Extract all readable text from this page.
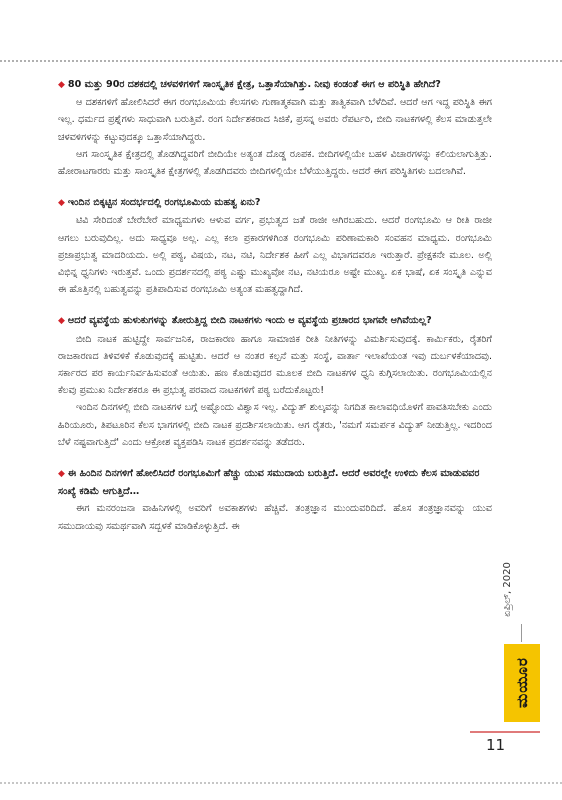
◆ 80 ಮತ್ತು 90ರ ದಶಕದಲ್ಲಿ ಚಳವಳಿಗಳಿಗೆ ಸಾಂಸ್ಕೃತಿಕ ಕ್ಷೇತ್ರ, ಒತ್ತಾಸೆಯಾಗಿತ್ತು. ನೀವು ಕಂಡಂತೆ ಈಗ ಆ ಪರಿಸ್ಥಿತಿ ಹೇಗಿದೆ?
ಆ ದಶಕಗಳಿಗೆ ಹೋಲಿಸಿದರೆ ಈಗ ರಂಗಭೂಮಿಯ ಕೆಲಸಗಳು ಗುಣಾತ್ಮಕವಾಗಿ ಮತ್ತು ತಾತ್ವಿಕವಾಗಿ ಬೆಳೆದಿವೆ. ಆದರೆ ಆಗ ಇದ್ದ ಪರಿಸ್ಥಿತಿ ಈಗ ಇಲ್ಲ. ಧರ್ಮದ ಪ್ರಶ್ನೆಗಳು ಸಾಧುವಾಗಿ ಬರುತ್ತಿವೆ. ರಂಗ ನಿರ್ದೇಶಕರಾದ ಸಿಜಿಕೆ, ಪ್ರಸನ್ನ ಅವರು ರೆಪರ್ಟರಿ, ಬೀದಿ ನಾಟಕಗಳಲ್ಲಿ ಕೆಲಸ ಮಾಡುತ್ತಲೇ ಚಳವಳಿಗಳನ್ನು ಕಟ್ಟುವುದಕ್ಕೂ ಒತ್ತಾಸೆಯಾಗಿದ್ದರು.
ಆಗ ಸಾಂಸ್ಕೃತಿಕ ಕ್ಷೇತ್ರದಲ್ಲಿ ತೊಡಗಿದ್ದವರಿಗೆ ಬೀದಿಯೇ ಅತ್ಯಂತ ದೊಡ್ಡ ರೂಪಕ. ಬೀದಿಗಳಲ್ಲಿಯೇ ಬಹಳ ವಿಚಾರಗಳನ್ನು ಕಲಿಯಲಾಗುತ್ತಿತ್ತು. ಹೋರಾಟಗಾರರು ಮತ್ತು ಸಾಂಸ್ಕೃತಿಕ ಕ್ಷೇತ್ರಗಳಲ್ಲಿ ತೊಡಗಿದವರು ಬೀದಿಗಳಲ್ಲಿಯೇ ಬೆಳೆಯುತ್ತಿದ್ದರು. ಆದರೆ ಈಗ ಪರಿಸ್ಥಿತಿಗಳು ಬದಲಾಗಿವೆ.
◆ ಇಂದಿನ ಬಿಕ್ಕಟ್ಟಿನ ಸಂದರ್ಭದಲ್ಲಿ ರಂಗಭೂಮಿಯ ಮಹತ್ವ ಏನು?
ಟಿವಿ ಸೇರಿದಂತೆ ಬೇರೆಬೇರೆ ಮಾಧ್ಯಮಗಳು ಆಳುವ ವರ್ಗ, ಪ್ರಭುತ್ವದ ಜತೆ ರಾಜೀ ಆಗಿರಬಹುದು. ಆದರೆ ರಂಗಭೂಮಿ ಆ ರೀತಿ ರಾಜೀ ಆಗಲು ಬರುವುದಿಲ್ಲ. ಅದು ಸಾಧ್ಯವೂ ಅಲ್ಲ. ಎಲ್ಲ ಕಲಾ ಪ್ರಕಾರಗಳಿಗಿಂತ ರಂಗಭೂಮಿ ಪರಿಣಾಮಕಾರಿ ಸಂವಹನ ಮಾಧ್ಯಮ. ರಂಗಭೂಮಿ ಪ್ರಜಾಪ್ರಭುತ್ವ ಮಾದರಿಯದು. ಅಲ್ಲಿ ಪಠ್ಯ, ವಿಷಯ, ನಟ, ನಟಿ, ನಿರ್ದೇಶಕ ಹೀಗೆ ಎಲ್ಲ ವಿಭಾಗದವರೂ ಇರುತ್ತಾರೆ. ಪ್ರೇಕ್ಷಕನೇ ಮೂಲ. ಅಲ್ಲಿ ವಿಭಿನ್ನ ಧ್ವನಿಗಳು ಇರುತ್ತವೆ. ಒಂದು ಪ್ರದರ್ಶನದಲ್ಲಿ ಪಠ್ಯ ಎಷ್ಟು ಮುಖ್ಯವೋ ನಟ, ನಟಿಯರೂ ಅಷ್ಟೇ ಮುಖ್ಯ. ಏಕ ಭಾಷೆ, ಏಕ ಸಂಸ್ಕೃತಿ ಎನ್ನುವ ಈ ಹೊತ್ತಿನಲ್ಲಿ ಬಹುತ್ವವನ್ನು ಪ್ರತಿಪಾದಿಸುವ ರಂಗಭೂಮಿ ಅತ್ಯಂತ ಮಹತ್ವದ್ದಾಗಿದೆ.
◆ ಆದರೆ ವ್ಯವಸ್ಥೆಯ ಹುಳುಕುಗಳನ್ನು ತೋರುತ್ತಿದ್ದ ಬೀದಿ ನಾಟಕಗಳು ಇಂದು ಆ ವ್ಯವಸ್ಥೆಯ ಪ್ರಚಾರದ ಭಾಗವೇ ಆಗಿವೆಯಲ್ಲ?
ಬೀದಿ ನಾಟಕ ಹುಟ್ಟಿದ್ದೇ ಸಾರ್ವಜನಿಕ, ರಾಜಕಾರಣ ಹಾಗೂ ಸಾಮಾಜಿಕ ರೀತಿ ನೀತಿಗಳನ್ನು ವಿಮರ್ಶಿಸುವುದಕ್ಕೆ. ಕಾರ್ಮಿಕರು, ರೈತರಿಗೆ ರಾಜಕಾರಣದ ತಿಳಿವಳಿಕೆ ಕೊಡುವುದಕ್ಕೆ ಹುಟ್ಟಿತು. ಆದರೆ ಆ ನಂತರ ಕಲ್ಪನೆ ಮತ್ತು ಸಂಸ್ಥೆ, ವಾರ್ತಾ ಇಲಾಖೆಯಂತ ಇವು ದುರ್ಬಳಕೆಯಾದವು. ಸರ್ಕಾರದ ಪರ ಕಾರ್ಯನಿರ್ವಹಿಸುವಂತೆ ಆಯಿತು. ಹಣ ಕೊಡುವುದರ ಮೂಲಕ ಬೀದಿ ನಾಟಕಗಳ ಧ್ವನಿ ಕುಗ್ಗಿಸಲಾಯಿತು. ರಂಗಭೂಮಿಯಲ್ಲಿನ ಕೆಲವು ಪ್ರಮುಖ ನಿರ್ದೇಶಕರೂ ಈ ಪ್ರಭುತ್ವ ಪರವಾದ ನಾಟಕಗಳಿಗೆ ಪಠ್ಯ ಬರೆದುಕೊಟ್ಟರು!
ಇಂದಿನ ದಿನಗಳಲ್ಲಿ ಬೀದಿ ನಾಟಕಗಳ ಬಗ್ಗೆ ಅಷ್ಟೊಂದು ವಿಶ್ವಾಸ ಇಲ್ಲ. ವಿದ್ಯುತ್ ಶುಲ್ಕವನ್ನು ನಿಗದಿತ ಕಾಲಾವಧಿಯೊಳಗೆ ಪಾವತಿಸಬೇಕು ಎಂದು ಹಿರಿಯೂರು, ತಿಪಟೂರಿನ ಕೆಲಸ ಭಾಗಗಳಲ್ಲಿ ಬೀದಿ ನಾಟಕ ಪ್ರದರ್ಶಿಸಲಾಯಿತು. ಆಗ ರೈತರು, 'ನಮಗೆ ಸಮರ್ಪಕ ವಿದ್ಯುತ್ ನೀಡುತ್ತಿಲ್ಲ. ಇದರಿಂದ ಬೆಳೆ ನಷ್ಟವಾಗುತ್ತಿದೆ' ಎಂದು ಆಕ್ರೋಶ ವ್ಯಕ್ತಪಡಿಸಿ ನಾಟಕ ಪ್ರದರ್ಶನವನ್ನು ತಡೆದರು.
◆ ಈ ಹಿಂದಿನ ದಿನಗಳಿಗೆ ಹೋಲಿಸಿದರೆ ರಂಗಭೂಮಿಗೆ ಹೆಚ್ಚು ಯುವ ಸಮುದಾಯ ಬರುತ್ತಿದೆ. ಆದರೆ ಅವರಲ್ಲೇ ಉಳಿದು ಕೆಲಸ ಮಾಡುವವರ ಸಂಖ್ಯೆ ಕಡಿಮೆ ಆಗುತ್ತಿದೆ…
ಈಗ ಮನರಂಜನಾ ವಾಹಿನಿಗಳಲ್ಲಿ ಅವರಿಗೆ ಅವಕಾಶಗಳು ಹೆಚ್ಚಿವೆ. ತಂತ್ರಜ್ಞಾನ ಮುಂದುವರಿದಿದೆ. ಹೊಸ ತಂತ್ರಜ್ಞಾನವನ್ನು ಯುವ ಸಮುದಾಯವು ಸಮರ್ಥವಾಗಿ ಸದ್ಬಳಕೆ ಮಾಡಿಕೊಳ್ಳುತ್ತಿದೆ. ಈ
ಏಪ್ರಿಲ್, 2020
ಮಯೂರ
11
